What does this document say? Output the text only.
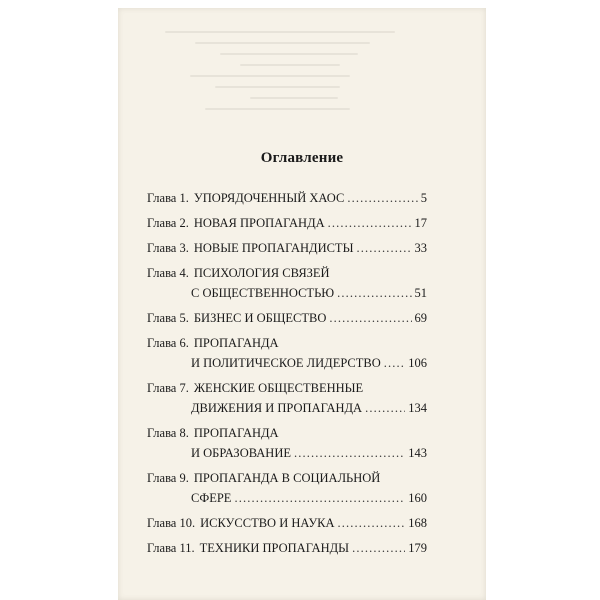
Оглавление
Глава 1. УПОРЯДОЧЕННЫЙ ХАОС . . .	5
Глава 2. НОВАЯ ПРОПАГАНДА . . .	17
Глава 3. НОВЫЕ ПРОПАГАНДИСТЫ . . .	33
Глава 4. ПСИХОЛОГИЯ СВЯЗЕЙ
С ОБЩЕСТВЕННОСТЬЮ . . .	51
Глава 5. БИЗНЕС И ОБЩЕСТВО . . .	69
Глава 6. ПРОПАГАНДА
И ПОЛИТИЧЕСКОЕ ЛИДЕРСТВО . . . 106
Глава 7. ЖЕНСКИЕ ОБЩЕСТВЕННЫЕ
ДВИЖЕНИЯ И ПРОПАГАНДА . . .	134
Глава 8. ПРОПАГАНДА
И ОБРАЗОВАНИЕ . . .	143
Глава 9. ПРОПАГАНДА В СОЦИАЛЬНОЙ
СФЕРЕ . . .	160
Глава 10. ИСКУССТВО И НАУКА . . .	168
Глава 11. ТЕХНИКИ ПРОПАГАНДЫ . . .	179
